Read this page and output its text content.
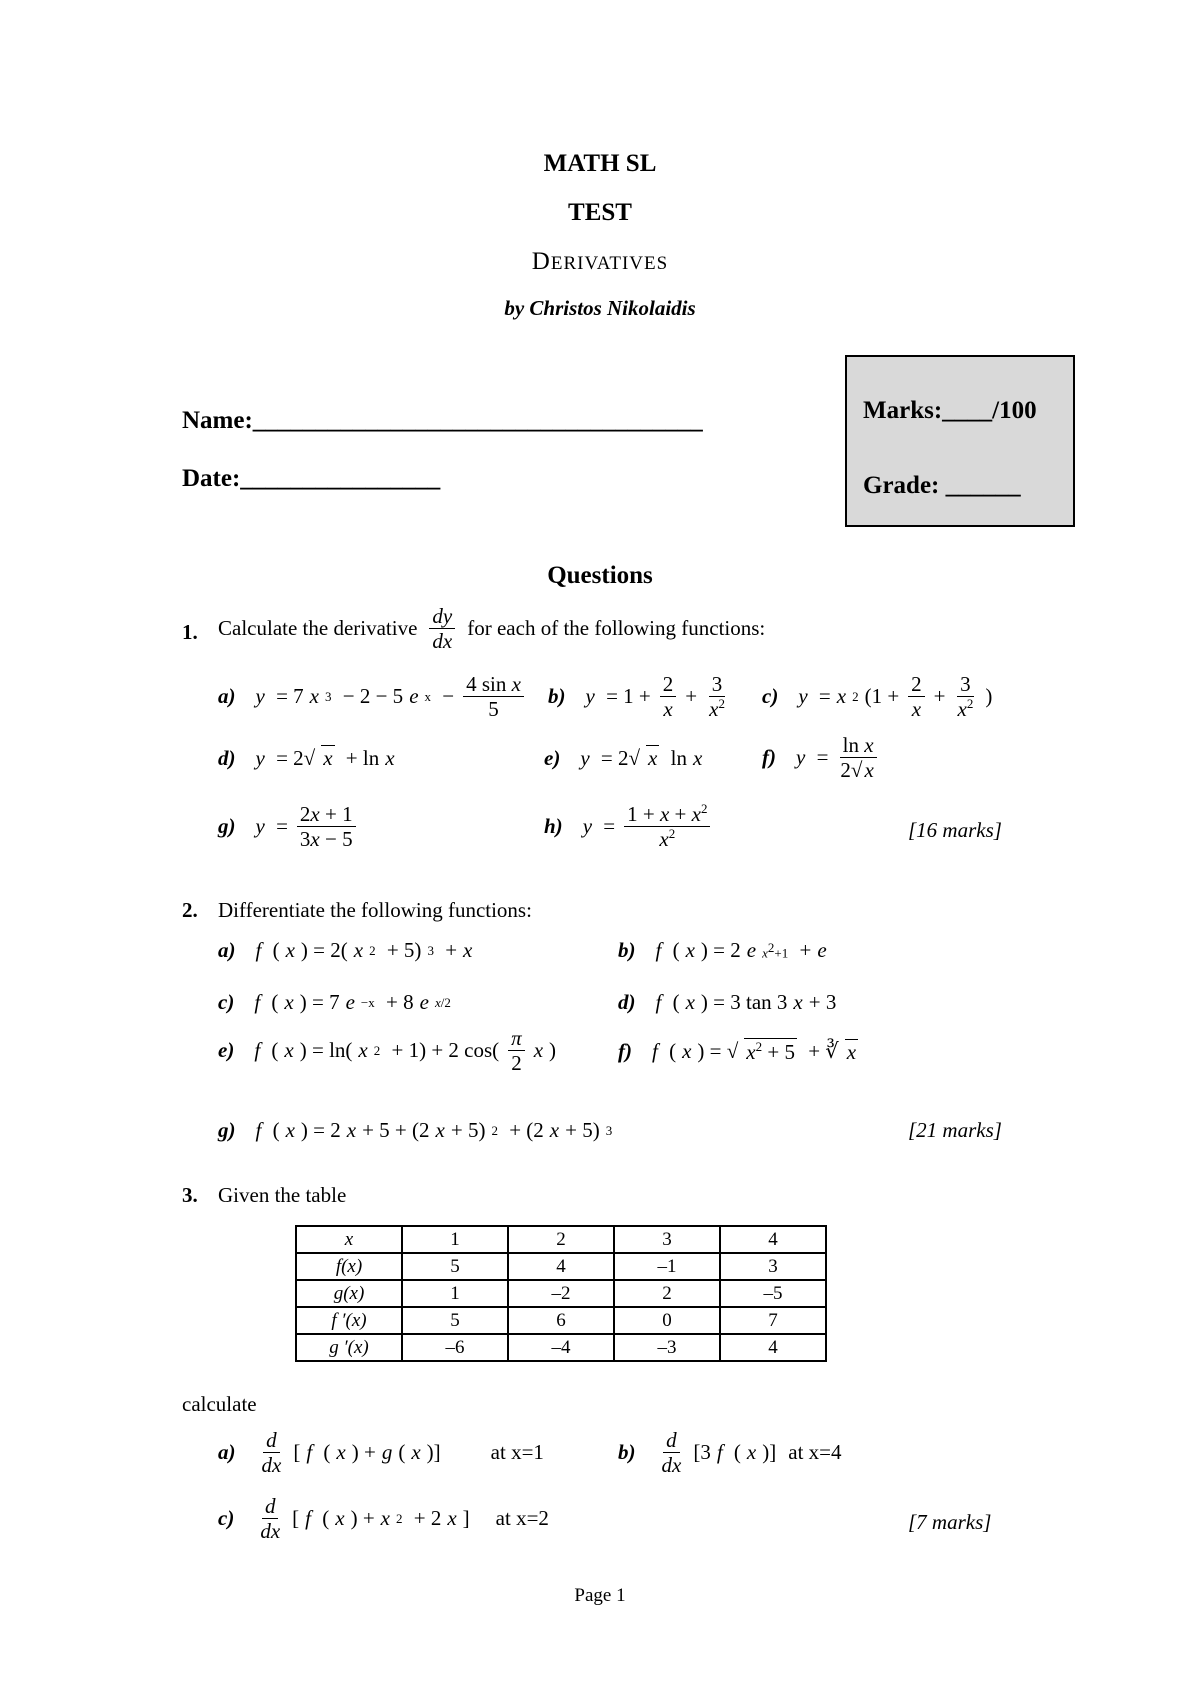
MATH SL
TEST
DERIVATIVES
by Christos Nikolaidis
Name:____________________________________
Date:________________
Marks:____/100
Grade: ______
Questions
1. Calculate the derivative $\frac{dy}{dx}$ for each of the following functions:
a) y = 7 x 3 − 2 − 5 e $x - \frac{\text{4 sin x}}{5} b$) $y = 1 + \frac{2}{x} + \frac{3}{x^2} c$) y = x 2 ($1 + \frac{2}{x} + \frac{3}{x^2}$ )
d) y = 2√ x + ln x	e) y = 2√ x ln x	f) $y = \frac{\text{ln x}}{2√x}$
g) $y = \frac{2x + 1}{3x - 5}$	h) $y = \frac{1 + x + x^2}{x^2}$	[16 marks]
2. Differentiate the following functions:
a) f ( x ) = 2( x 2 + 5) 3 + x	b) f ( x ) = 2 e $x^2+1 + e$
c) f ( x ) = 7 e −x + 8 e x/2	d) f ( x ) = 3 tan 3 x + 3
e) f ( x ) = ln( x 2 + 1) + 2 $\cos( \frac{\pi}{2}$ x )	f) f ( x ) = √ $x^2 + 5$ + ∛ x
g) f ( x ) = 2 x + 5 + (2 x + 5) 2 + (2 x + 5) 3	[21 marks]
3. Given the table
x	1	2	3	4
f(x)	5	4	–1	3
g(x)	1	–2	2	–5
f ′(x)	5	6	0	7
g ′(x)	–6	–4	–3	4
calculate
$a) \frac{d}{dx}$ [ f ( x ) + g ( x )] at x=1	$b) \frac{d}{dx} [3$ f ( x )] at x=4
$c) \frac{d}{dx}$ [ f ( x ) + x 2 + 2 x ] at x=2	[7 marks]
Page 1
